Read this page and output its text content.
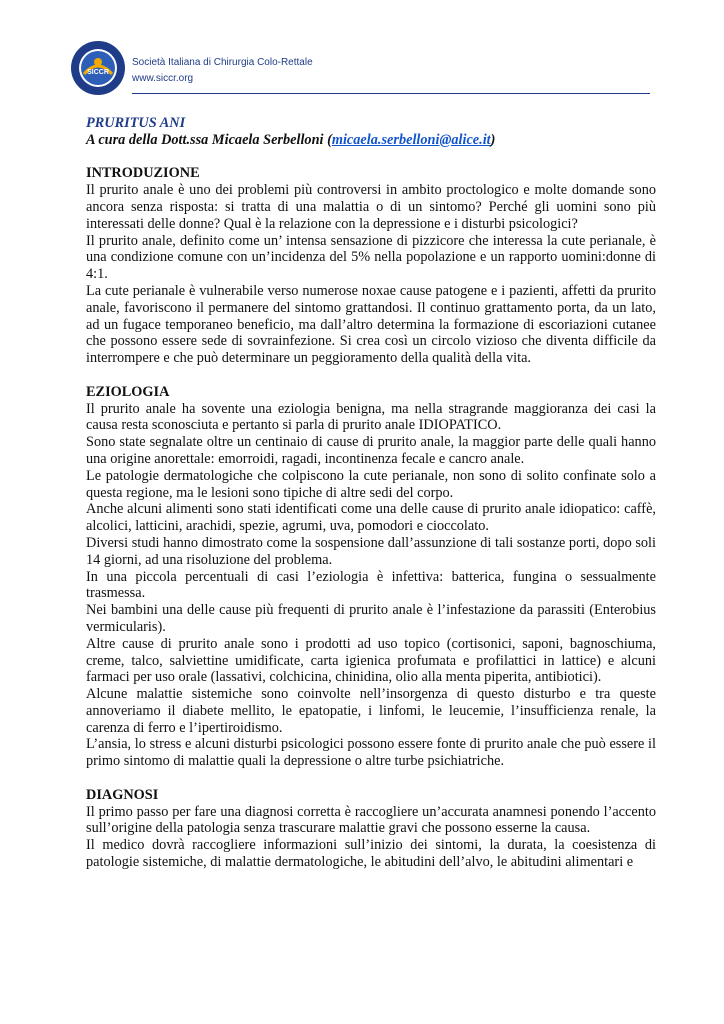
SICCR
Società Italiana di Chirurgia Colo-Rettale
www.siccr.org

PRURITUS ANI

A cura della Dott.ssa Micaela Serbelloni (micaela.serbelloni@alice.it)

INTRODUZIONE

Il prurito anale è uno dei problemi più controversi in ambito proctologico e molte domande sono ancora senza risposta: si tratta di una malattia o di un sintomo? Perché gli uomini sono più interessati delle donne? Qual è la relazione con la depressione e i disturbi psicologici?

Il prurito anale, definito come un’ intensa sensazione di pizzicore che interessa la cute perianale, è una condizione comune con un’incidenza del 5% nella popolazione e un rapporto uomini:donne di 4:1.

La cute perianale è vulnerabile verso numerose noxae cause patogene e i pazienti, affetti da prurito anale, favoriscono il permanere del sintomo grattandosi. Il continuo grattamento porta, da un lato, ad un fugace temporaneo beneficio, ma dall’altro determina la formazione di escoriazioni cutanee che possono essere sede di sovrainfezione. Si crea così un circolo vizioso che diventa difficile da interrompere e che può determinare un peggioramento della qualità della vita.

EZIOLOGIA

Il prurito anale ha sovente una eziologia benigna, ma nella stragrande maggioranza dei casi la causa resta sconosciuta e pertanto si parla di prurito anale IDIOPATICO.

Sono state segnalate oltre un centinaio di cause di prurito anale, la maggior parte delle quali hanno una origine anorettale: emorroidi, ragadi, incontinenza fecale e cancro anale.

Le patologie dermatologiche che colpiscono la cute perianale, non sono di solito confinate solo a questa regione, ma le lesioni sono tipiche di altre sedi del corpo.

Anche alcuni alimenti sono stati identificati come una delle cause di prurito anale idiopatico: caffè, alcolici, latticini, arachidi, spezie, agrumi, uva, pomodori e cioccolato.

Diversi studi hanno dimostrato come la sospensione dall’assunzione di tali sostanze porti, dopo soli 14 giorni, ad una risoluzione del problema.

In una piccola percentuali di casi l’eziologia è infettiva: batterica, fungina o sessualmente trasmessa.

Nei bambini una delle cause più frequenti di prurito anale è l’infestazione da parassiti (Enterobius vermicularis).

Altre cause di prurito anale sono i prodotti ad uso topico (cortisonici, saponi, bagnoschiuma, creme, talco, salviettine umidificate, carta igienica profumata e profilattici in lattice) e alcuni farmaci per uso orale (lassativi, colchicina, chinidina, olio alla menta piperita, antibiotici).

Alcune malattie sistemiche sono coinvolte nell’insorgenza di questo disturbo e tra queste annoveriamo il diabete mellito, le epatopatie, i linfomi, le leucemie, l’insufficienza renale, la carenza di ferro e l’ipertiroidismo.

L’ansia, lo stress e alcuni disturbi psicologici possono essere fonte di prurito anale che può essere il primo sintomo di malattie quali la depressione o altre turbe psichiatriche.

DIAGNOSI

Il primo passo per fare una diagnosi corretta è raccogliere un’accurata anamnesi ponendo l’accento sull’origine della patologia senza trascurare malattie gravi che possono esserne la causa.

Il medico dovrà raccogliere informazioni sull’inizio dei sintomi, la durata, la coesistenza di patologie sistemiche, di malattie dermatologiche, le abitudini dell’alvo, le abitudini alimentari e
